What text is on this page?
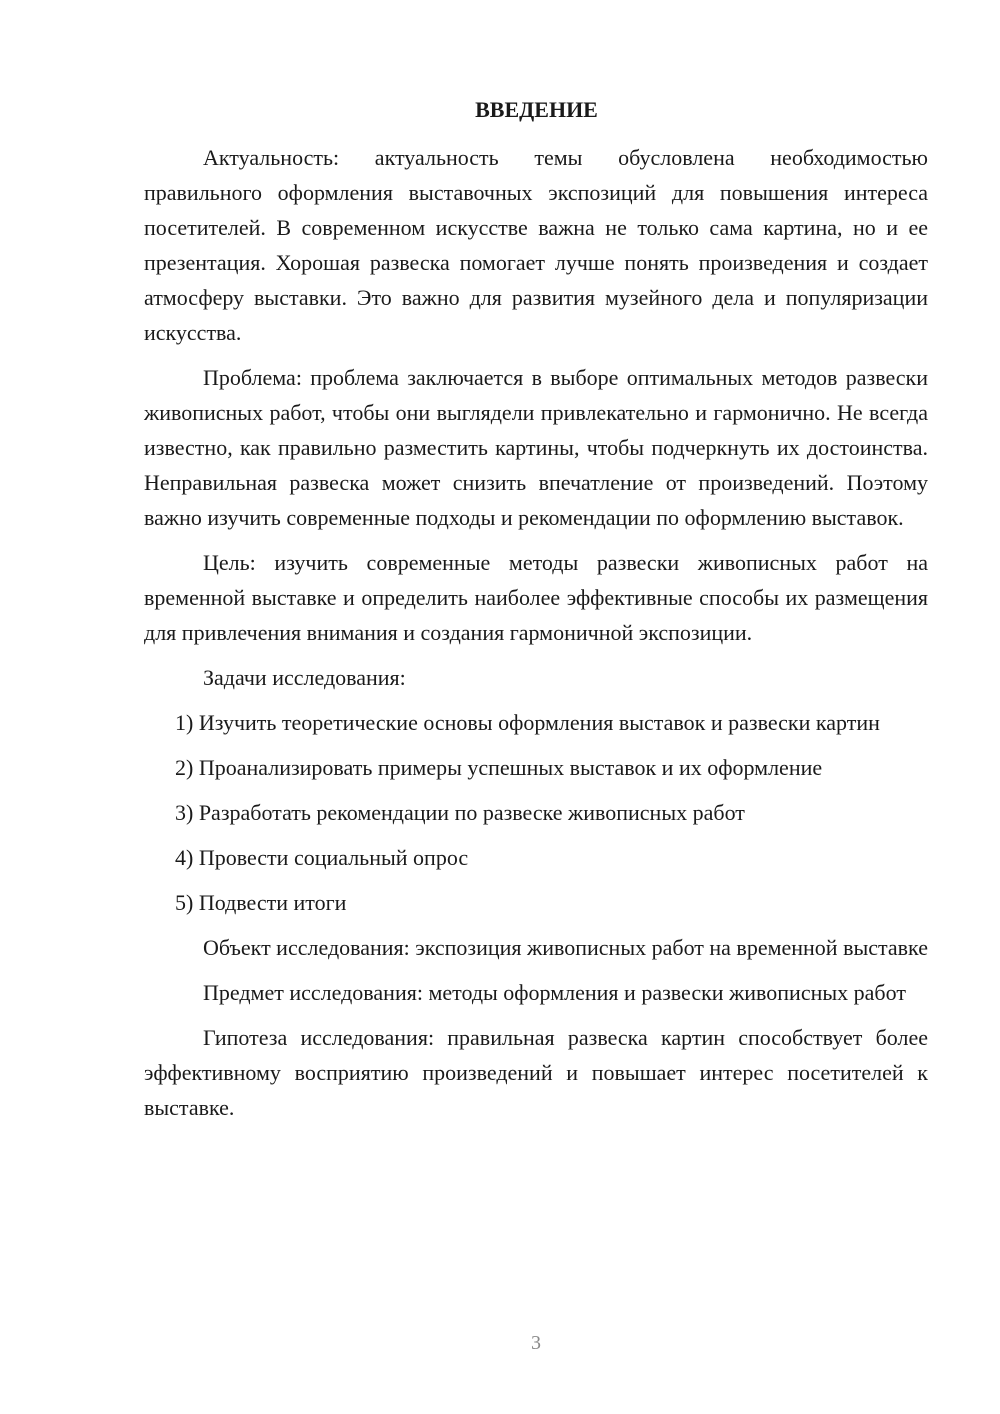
ВВЕДЕНИЕ

Актуальность: актуальность темы обусловлена необходимостью правильного оформления выставочных экспозиций для повышения интереса посетителей. В современном искусстве важна не только сама картина, но и ее презентация. Хорошая развеска помогает лучше понять произведения и создает атмосферу выставки. Это важно для развития музейного дела и популяризации искусства.

Проблема: проблема заключается в выборе оптимальных методов развески живописных работ, чтобы они выглядели привлекательно и гармонично. Не всегда известно, как правильно разместить картины, чтобы подчеркнуть их достоинства. Неправильная развеска может снизить впечатление от произведений. Поэтому важно изучить современные подходы и рекомендации по оформлению выставок.

Цель: изучить современные методы развески живописных работ на временной выставке и определить наиболее эффективные способы их размещения для привлечения внимания и создания гармоничной экспозиции.

Задачи исследования:

1) Изучить теоретические основы оформления выставок и развески картин

2) Проанализировать примеры успешных выставок и их оформление

3) Разработать рекомендации по развеске живописных работ

4) Провести социальный опрос

5) Подвести итоги

Объект исследования: экспозиция живописных работ на временной выставке

Предмет исследования: методы оформления и развески живописных работ

Гипотеза исследования: правильная развеска картин способствует более эффективному восприятию произведений и повышает интерес посетителей к выставке.

3
